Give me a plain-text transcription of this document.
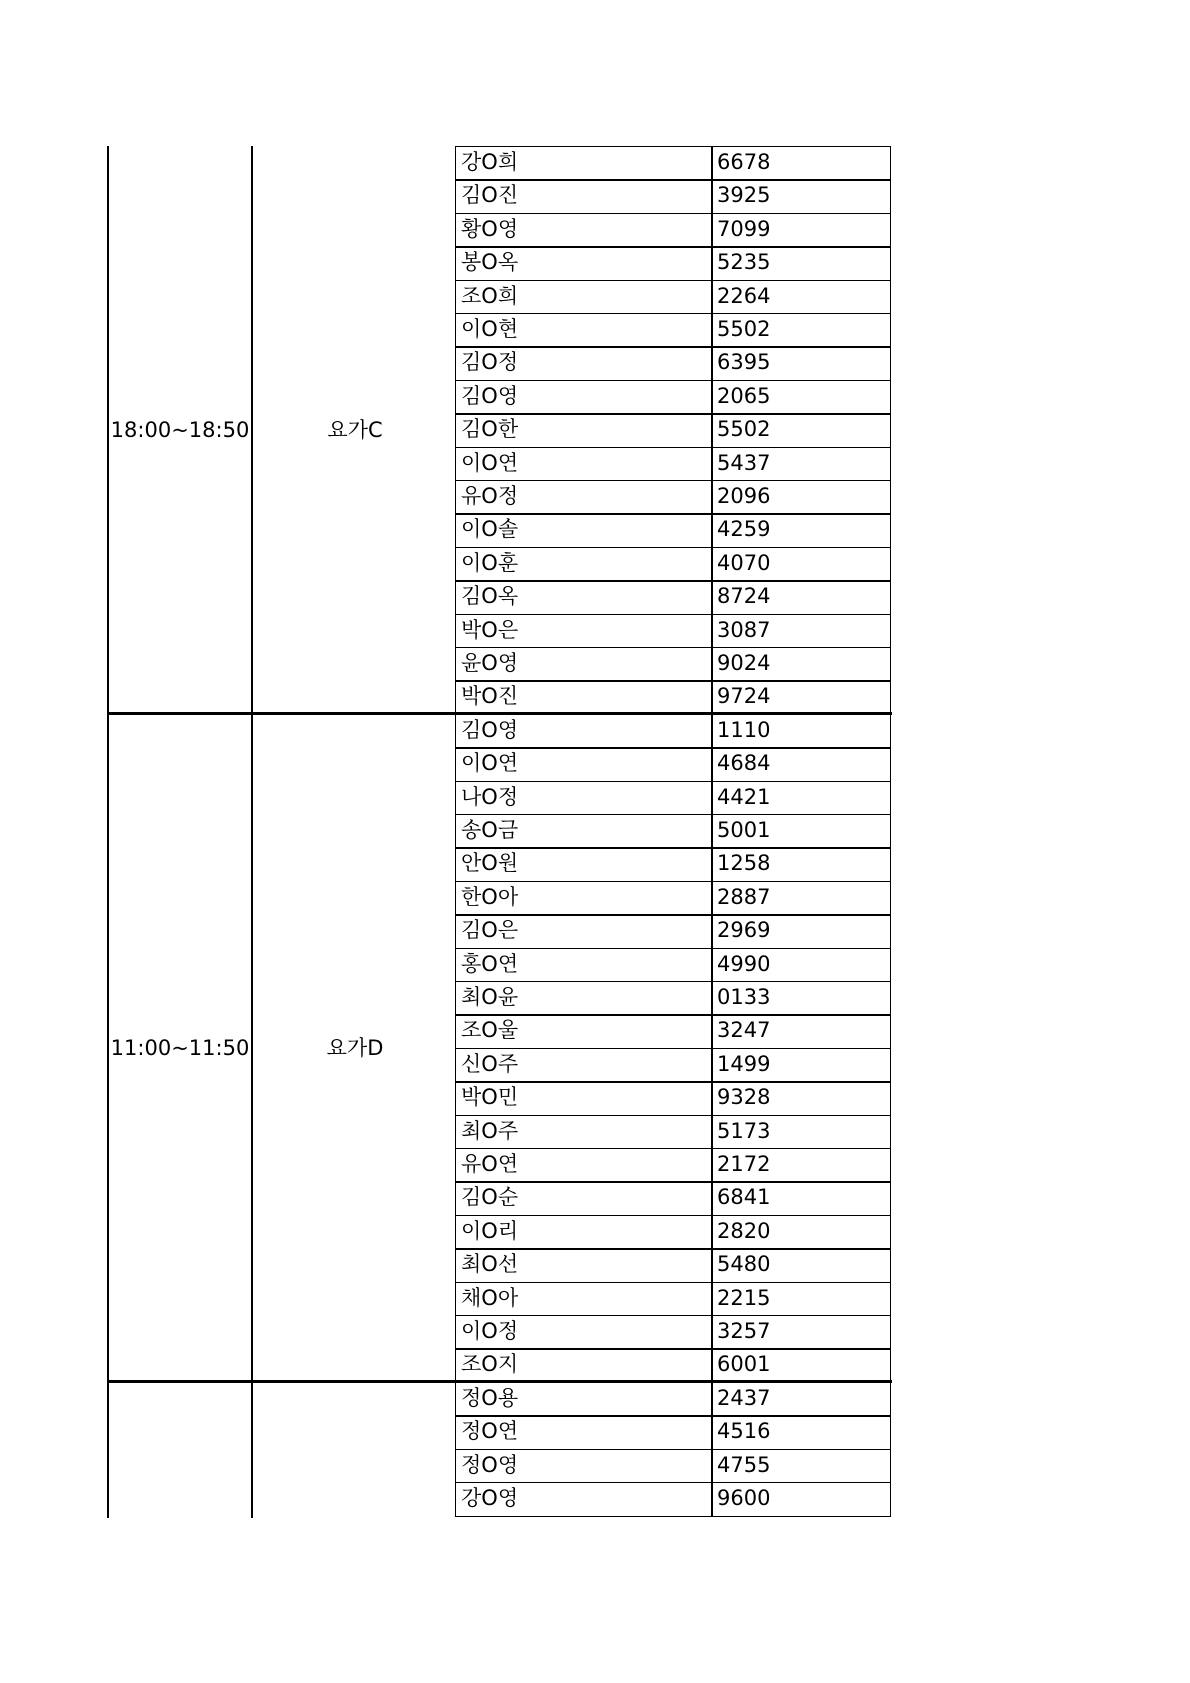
18:00~18:50	요가C
강O희	6678
김O진	3925
황O영	7099
봉O옥	5235
조O희	2264
이O현	5502
김O정	6395
김O영	2065
김O한	5502
이O연	5437
유O정	2096
이O솔	4259
이O훈	4070
김O옥	8724
박O은	3087
윤O영	9024
박O진	9724
11:00~11:50	요가D
김O영	1110
이O연	4684
나O정	4421
송O금	5001
안O원	1258
한O아	2887
김O은	2969
홍O연	4990
최O윤	0133
조O울	3247
신O주	1499
박O민	9328
최O주	5173
유O연	2172
김O순	6841
이O리	2820
최O선	5480
채O아	2215
이O정	3257
조O지	6001
정O용	2437
정O연	4516
정O영	4755
강O영	9600
